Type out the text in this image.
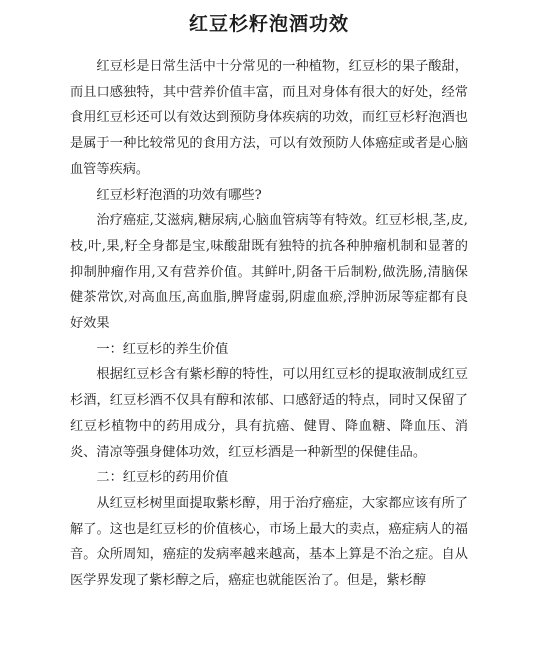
红豆杉籽泡酒功效

红豆杉是日常生活中十分常见的一种植物，红豆杉的果子酸甜，而且口感独特，其中营养价值丰富，而且对身体有很大的好处，经常食用红豆杉还可以有效达到预防身体疾病的功效，而红豆杉籽泡酒也是属于一种比较常见的食用方法，可以有效预防人体癌症或者是心脑血管等疾病。

红豆杉籽泡酒的功效有哪些?

治疗癌症,艾滋病,糖尿病,心脑血管病等有特效。红豆杉根,茎,皮,枝,叶,果,籽全身都是宝,味酸甜既有独特的抗各种肿瘤机制和显著的抑制肿瘤作用,又有营养价值。其鲜叶,阴备干后制粉,做洗肠,清脑保健茶常饮,对高血压,高血脂,脾肾虚弱,阴虚血瘀,浮肿沥尿等症都有良好效果

一：红豆杉的养生价值

根据红豆杉含有紫杉醇的特性，可以用红豆杉的提取液制成红豆杉酒，红豆杉酒不仅具有醇和浓郁、口感舒适的特点，同时又保留了红豆杉植物中的药用成分，具有抗癌、健胃、降血糖、降血压、消炎、清凉等强身健体功效，红豆杉酒是一种新型的保健佳品。

二：红豆杉的药用价值

从红豆杉树里面提取紫杉醇，用于治疗癌症，大家都应该有所了解了。这也是红豆杉的价值核心，市场上最大的卖点，癌症病人的福音。众所周知，癌症的发病率越来越高，基本上算是不治之症。自从医学界发现了紫杉醇之后，癌症也就能医治了。但是，紫杉醇
